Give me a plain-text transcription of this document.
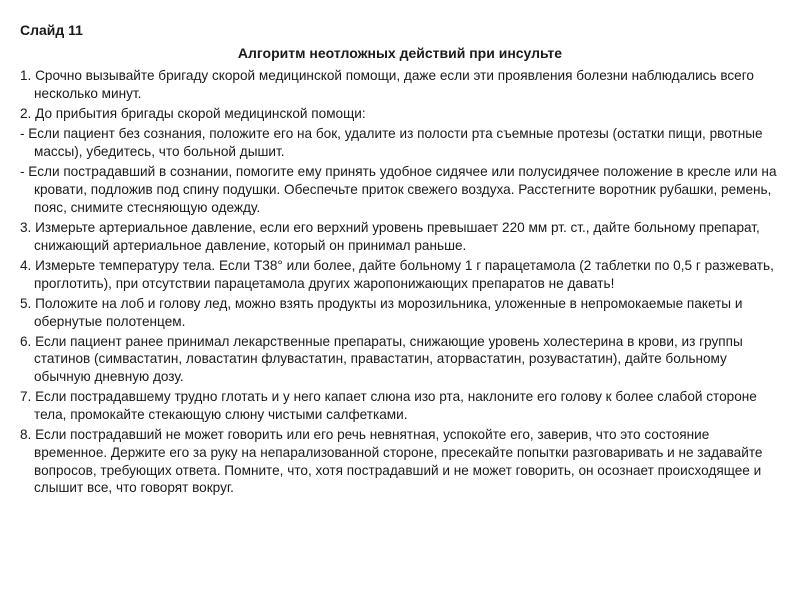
Слайд 11
Алгоритм неотложных действий при инсульте
1. Срочно вызывайте бригаду скорой медицинской помощи, даже если эти проявления болезни наблюдались всего несколько минут.
2. До прибытия бригады скорой медицинской помощи:
- Если пациент без сознания, положите его на бок, удалите из полости рта съемные протезы (остатки пищи, рвотные массы), убедитесь, что больной дышит.
- Если пострадавший в сознании, помогите ему принять удобное сидячее или полусидячее положение в кресле или на кровати, подложив под спину подушки. Обеспечьте приток свежего воздуха. Расстегните воротник рубашки, ремень, пояс, снимите стесняющую одежду.
3. Измерьте артериальное давление, если его верхний уровень превышает 220 мм рт. ст., дайте больному препарат, снижающий артериальное давление, который он принимал раньше.
4. Измерьте температуру тела. Если Т38° или более, дайте больному 1 г парацетамола (2 таблетки по 0,5 г разжевать, проглотить), при отсутствии парацетамола других жаропонижающих препаратов не давать!
5. Положите на лоб и голову лед, можно взять продукты из морозильника, уложенные в непромокаемые пакеты и обернутые полотенцем.
6. Если пациент ранее принимал лекарственные препараты, снижающие уровень холестерина в крови, из группы статинов (симвастатин, ловастатин флувастатин, правастатин, аторвастатин, розувастатин), дайте больному обычную дневную дозу.
7. Если пострадавшему трудно глотать и у него капает слюна изо рта, наклоните его голову к более слабой стороне тела, промокайте стекающую слюну чистыми салфетками.
8. Если пострадавший не может говорить или его речь невнятная, успокойте его, заверив, что это состояние временное. Держите его за руку на непарализованной стороне, пресекайте попытки разговаривать и не задавайте вопросов, требующих ответа. Помните, что, хотя пострадавший и не может говорить, он осознает происходящее и слышит все, что говорят вокруг.
